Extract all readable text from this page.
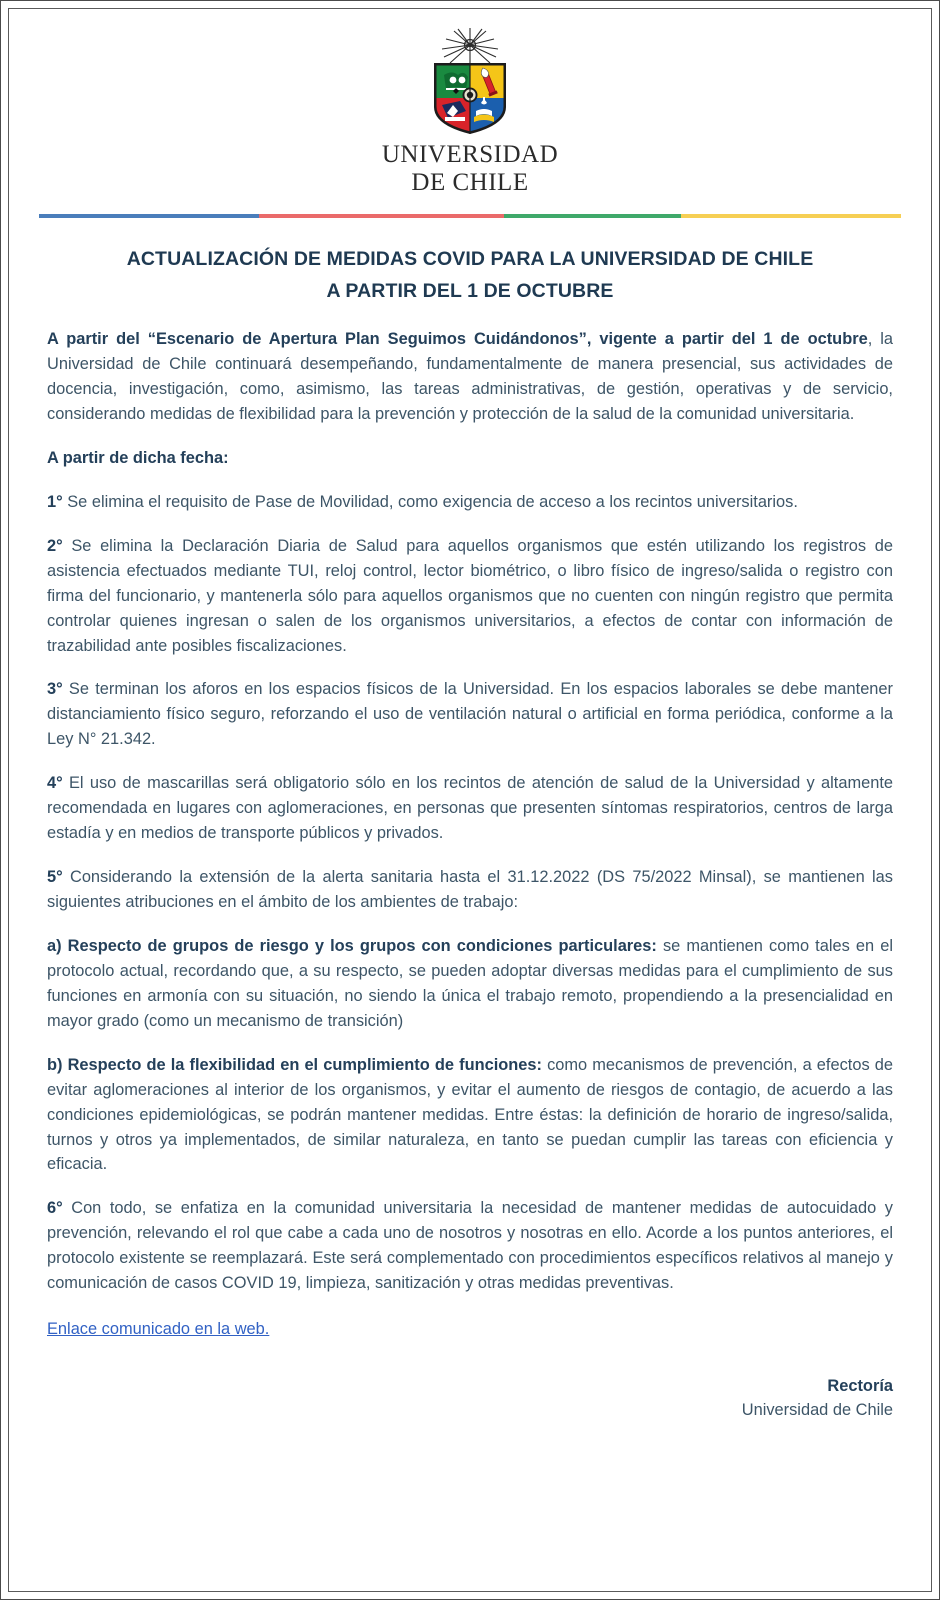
UNIVERSIDAD
DE CHILE
ACTUALIZACIÓN DE MEDIDAS COVID PARA LA UNIVERSIDAD DE CHILE
A PARTIR DEL 1 DE OCTUBRE

A partir del “Escenario de Apertura Plan Seguimos Cuidándonos”, vigente a partir del 1 de octubre, la Universidad de Chile continuará desempeñando, fundamentalmente de manera presencial, sus actividades de docencia, investigación, como, asimismo, las tareas administrativas, de gestión, operativas y de servicio, considerando medidas de flexibilidad para la prevención y protección de la salud de la comunidad universitaria.

A partir de dicha fecha:

1° Se elimina el requisito de Pase de Movilidad, como exigencia de acceso a los recintos universitarios.

2° Se elimina la Declaración Diaria de Salud para aquellos organismos que estén utilizando los registros de asistencia efectuados mediante TUI, reloj control, lector biométrico, o libro físico de ingreso/salida o registro con firma del funcionario, y mantenerla sólo para aquellos organismos que no cuenten con ningún registro que permita controlar quienes ingresan o salen de los organismos universitarios, a efectos de contar con información de trazabilidad ante posibles fiscalizaciones.

3° Se terminan los aforos en los espacios físicos de la Universidad. En los espacios laborales se debe mantener distanciamiento físico seguro, reforzando el uso de ventilación natural o artificial en forma periódica, conforme a la Ley N° 21.342.

4° El uso de mascarillas será obligatorio sólo en los recintos de atención de salud de la Universidad y altamente recomendada en lugares con aglomeraciones, en personas que presenten síntomas respiratorios, centros de larga estadía y en medios de transporte públicos y privados.

5° Considerando la extensión de la alerta sanitaria hasta el 31.12.2022 (DS 75/2022 Minsal), se mantienen las siguientes atribuciones en el ámbito de los ambientes de trabajo:

a) Respecto de grupos de riesgo y los grupos con condiciones particulares: se mantienen como tales en el protocolo actual, recordando que, a su respecto, se pueden adoptar diversas medidas para el cumplimiento de sus funciones en armonía con su situación, no siendo la única el trabajo remoto, propendiendo a la presencialidad en mayor grado (como un mecanismo de transición)

b) Respecto de la flexibilidad en el cumplimiento de funciones: como mecanismos de prevención, a efectos de evitar aglomeraciones al interior de los organismos, y evitar el aumento de riesgos de contagio, de acuerdo a las condiciones epidemiológicas, se podrán mantener medidas. Entre éstas: la definición de horario de ingreso/salida, turnos y otros ya implementados, de similar naturaleza, en tanto se puedan cumplir las tareas con eficiencia y eficacia.

6° Con todo, se enfatiza en la comunidad universitaria la necesidad de mantener medidas de autocuidado y prevención, relevando el rol que cabe a cada uno de nosotros y nosotras en ello. Acorde a los puntos anteriores, el protocolo existente se reemplazará. Este será complementado con procedimientos específicos relativos al manejo y comunicación de casos COVID 19, limpieza, sanitización y otras medidas preventivas.

Enlace comunicado en la web.
Rectoría
Universidad de Chile
